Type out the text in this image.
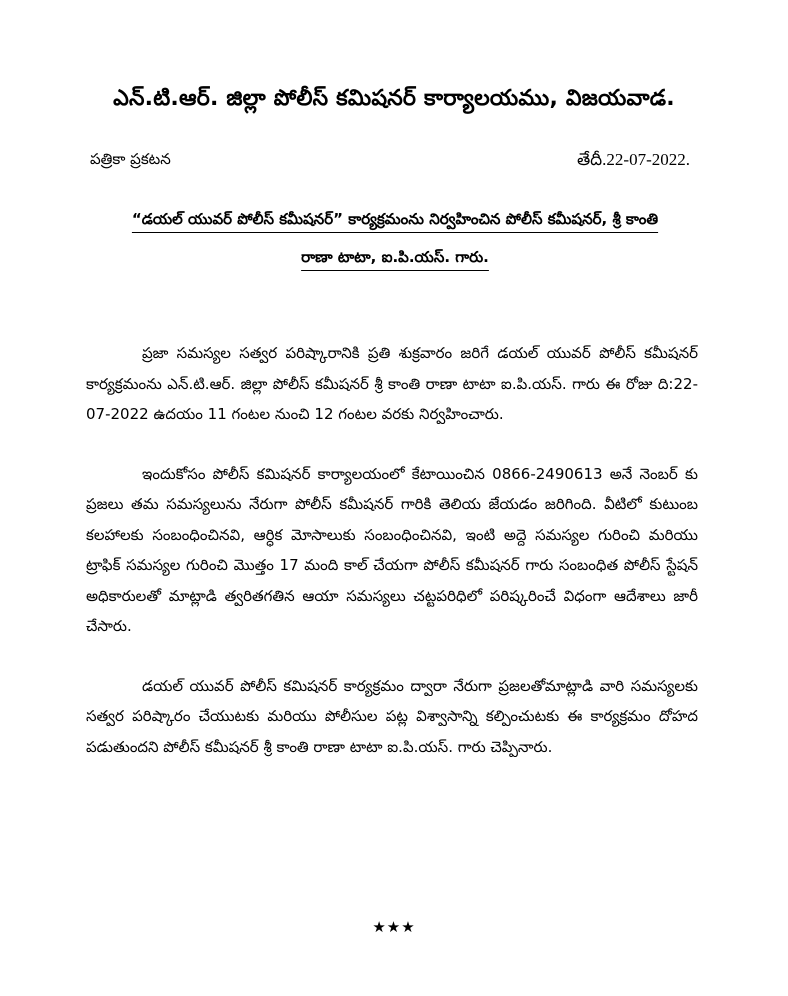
ఎన్.టి.ఆర్. జిల్లా పోలీస్ కమిషనర్ కార్యాలయము, విజయవాడ.
పత్రికా ప్రకటన	తేదీ.22-07-2022.
“డయల్ యువర్ పోలీస్ కమీషనర్” కార్యక్రమంను నిర్వహించిన పోలీస్ కమీషనర్, శ్రీ కాంతి
రాణా టాటా, ఐ.పి.యస్. గారు.

ప్రజా సమస్యల సత్వర పరిష్కారానికి ప్రతి శుక్రవారం జరిగే డయల్ యువర్ పోలీస్ కమీషనర్ కార్యక్రమంను ఎన్.టి.ఆర్. జిల్లా పోలీస్ కమీషనర్ శ్రీ కాంతి రాణా టాటా ఐ.పి.యస్. గారు ఈ రోజు ది:22-07-2022 ఉదయం 11 గంటల నుంచి 12 గంటల వరకు నిర్వహించారు.

ఇందుకోసం పోలీస్ కమిషనర్ కార్యాలయంలో కేటాయించిన 0866-2490613 అనే నెంబర్ కు ప్రజలు తమ సమస్యలును నేరుగా పోలీస్ కమీషనర్ గారికి తెలియ జేయడం జరిగింది. వీటిలో కుటుంబ కలహాలకు సంబంధించినవి, ఆర్ధిక మోసాలుకు సంబంధించినవి, ఇంటి అద్దె సమస్యల గురించి మరియు ట్రాఫిక్ సమస్యల గురించి మొత్తం 17 మంది కాల్ చేయగా పోలీస్ కమీషనర్ గారు సంబంధిత పోలీస్ స్టేషన్ అధికారులతో మాట్లాడి త్వరితగతిన ఆయా సమస్యలు చట్టపరిధిలో పరిష్కరించే విధంగా ఆదేశాలు జారీ చేసారు.

డయల్ యువర్ పోలీస్ కమిషనర్ కార్యక్రమం ద్వారా నేరుగా ప్రజలతోమాట్లాడి వారి సమస్యలకు సత్వర పరిష్కారం చేయుటకు మరియు పోలీసుల పట్ల విశ్వాసాన్ని కల్పించుటకు ఈ కార్యక్రమం దోహద పడుతుందని పోలీస్ కమీషనర్ శ్రీ కాంతి రాణా టాటా ఐ.పి.యస్. గారు చెప్పినారు.

★★★
